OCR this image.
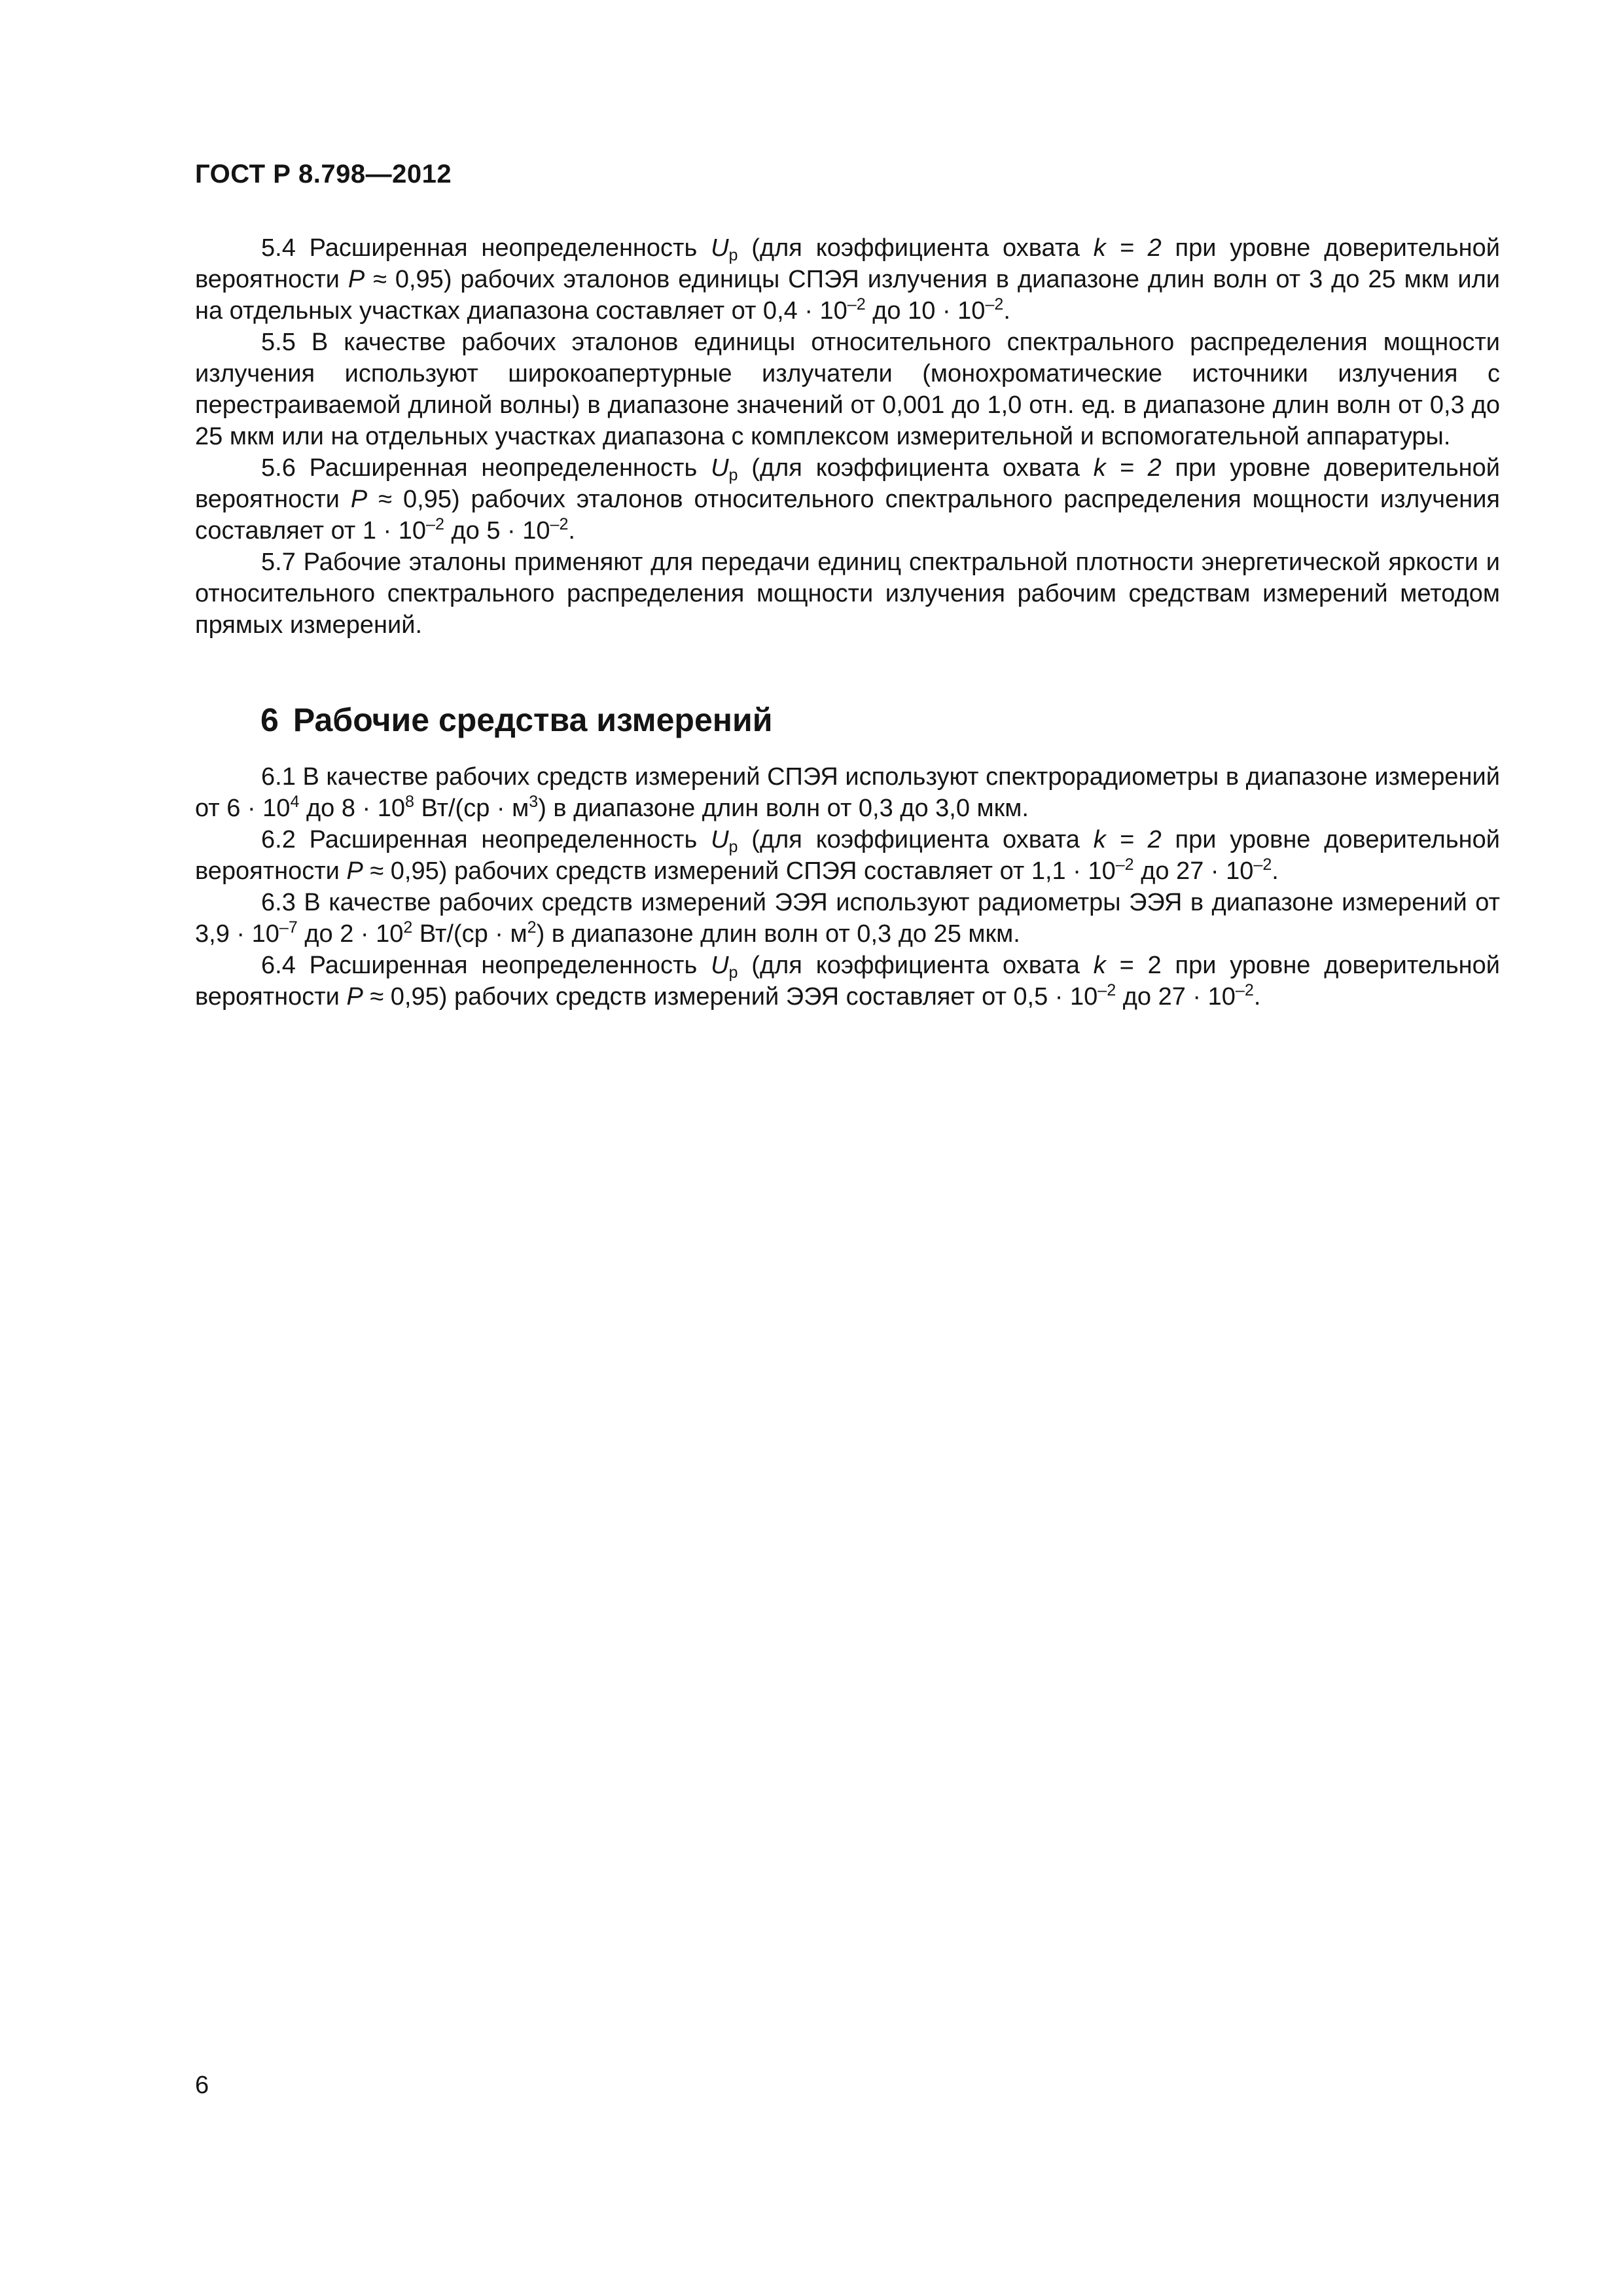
ГОСТ Р 8.798—2012

5.4 Расширенная неопределенность $U_р$ (для коэффициента охвата k = 2 при уровне доверительной вероятности P ≈ 0,95) рабочих эталонов единицы СПЭЯ излучения в диапазоне длин волн от 3 до 25 мкм или на отдельных участках диапазона составляет от $0,4 \cdot 10^{-2}$ до $10 \cdot 10^{-2}$.

5.5 В качестве рабочих эталонов единицы относительного спектрального распределения мощности излучения используют широкоапертурные излучатели (монохроматические источники излучения с перестраиваемой длиной волны) в диапазоне значений от 0,001 до 1,0 отн. ед. в диапазоне длин волн от 0,3 до 25 мкм или на отдельных участках диапазона с комплексом измерительной и вспомогательной аппаратуры.

5.6 Расширенная неопределенность $U_р$ (для коэффициента охвата k = 2 при уровне доверительной вероятности P ≈ 0,95) рабочих эталонов относительного спектрального распределения мощности излучения составляет от $1 \cdot 10^{-2}$ до $5 \cdot 10^{-2}$.

5.7 Рабочие эталоны применяют для передачи единиц спектральной плотности энергетической яркости и относительного спектрального распределения мощности излучения рабочим средствам измерений методом прямых измерений.

6 Рабочие средства измерений

6.1 В качестве рабочих средств измерений СПЭЯ используют спектрорадиометры в диапазоне измерений от $6 \cdot 10^4$ до $8 \cdot 10^8$ $Вт/(ср \cdot м^3)$ в диапазоне длин волн от 0,3 до 3,0 мкм.

6.2 Расширенная неопределенность $U_р$ (для коэффициента охвата k = 2 при уровне доверительной вероятности P ≈ 0,95) рабочих средств измерений СПЭЯ составляет от $1,1 \cdot 10^{-2}$ до $27 \cdot 10^{-2}$.

6.3 В качестве рабочих средств измерений ЭЭЯ используют радиометры ЭЭЯ в диапазоне измерений от $3,9 \cdot 10^{-7}$ до $2 \cdot 10^2$ $Вт/(ср \cdot м^2)$ в диапазоне длин волн от 0,3 до 25 мкм.

6.4 Расширенная неопределенность $U_р$ (для коэффициента охвата k = 2 при уровне доверительной вероятности P ≈ 0,95) рабочих средств измерений ЭЭЯ составляет от $0,5 \cdot 10^{-2}$ до $27 \cdot 10^{-2}$.

6
